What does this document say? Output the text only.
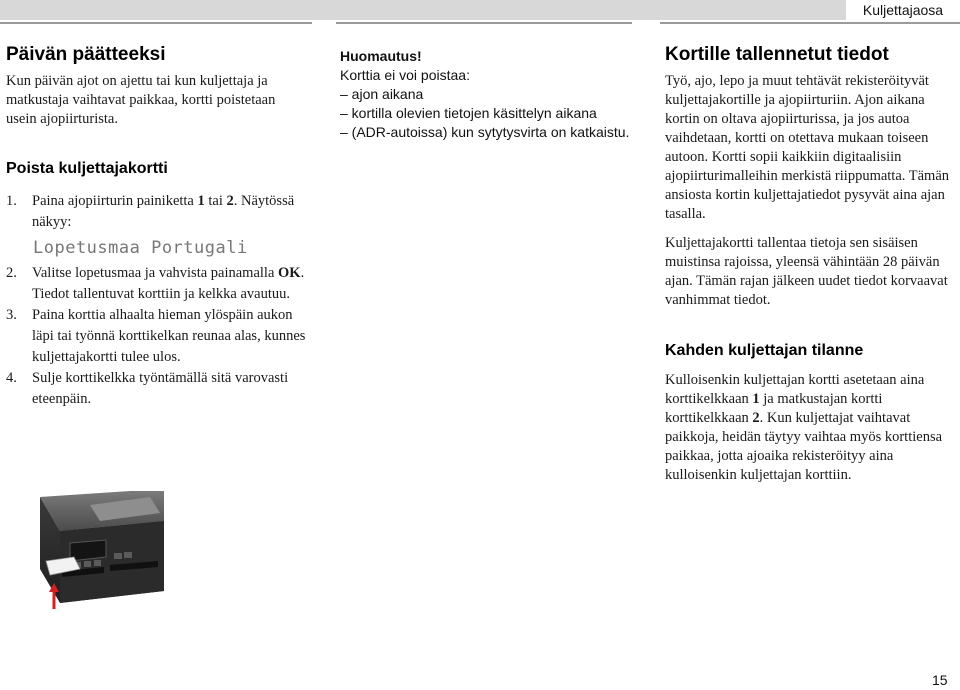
Kuljettajaosa
Päivän päätteeksi

Kun päivän ajot on ajettu tai kun kuljettaja ja matkustaja vaihtavat paikkaa, kortti poistetaan usein ajopiirturista.

Poista kuljettajakortti
1. Paina ajopiirturin painiketta 1 tai 2. Näytössä näkyy:
Lopetusmaa Portugali
2. Valitse lopetusmaa ja vahvista painamalla OK. Tiedot tallentuvat korttiin ja kelkka avautuu.
3. Paina korttia alhaalta hieman ylöspäin aukon läpi tai työnnä korttikelkan reunaa alas, kunnes kuljettajakortti tulee ulos.
4. Sulje korttikelkka työntämällä sitä varovasti eteenpäin.
Huomautus!
Korttia ei voi poistaa:
– ajon aikana
– kortilla olevien tietojen käsittelyn aikana
– (ADR-autoissa) kun sytytysvirta on katkaistu.
Kortille tallennetut tiedot

Työ, ajo, lepo ja muut tehtävät rekisteröityvät kuljettajakortille ja ajopiirturiin. Ajon aikana kortin on oltava ajopiirturissa, ja jos autoa vaihdetaan, kortti on otettava mukaan toiseen autoon. Kortti sopii kaikkiin digitaalisiin ajopiirturimalleihin merkistä riippumatta. Tämän ansiosta kortin kuljettajatiedot pysyvät aina ajan tasalla.

Kuljettajakortti tallentaa tietoja sen sisäisen muistinsa rajoissa, yleensä vähintään 28 päivän ajan. Tämän rajan jälkeen uudet tiedot korvaavat vanhimmat tiedot.

Kahden kuljettajan tilanne

Kulloisenkin kuljettajan kortti asetetaan aina korttikelkkaan 1 ja matkustajan kortti korttikelkkaan 2. Kun kuljettajat vaihtavat paikkoja, heidän täytyy vaihtaa myös korttiensa paikkaa, jotta ajoaika rekisteröityy aina kulloisenkin kuljettajan korttiin.

15
